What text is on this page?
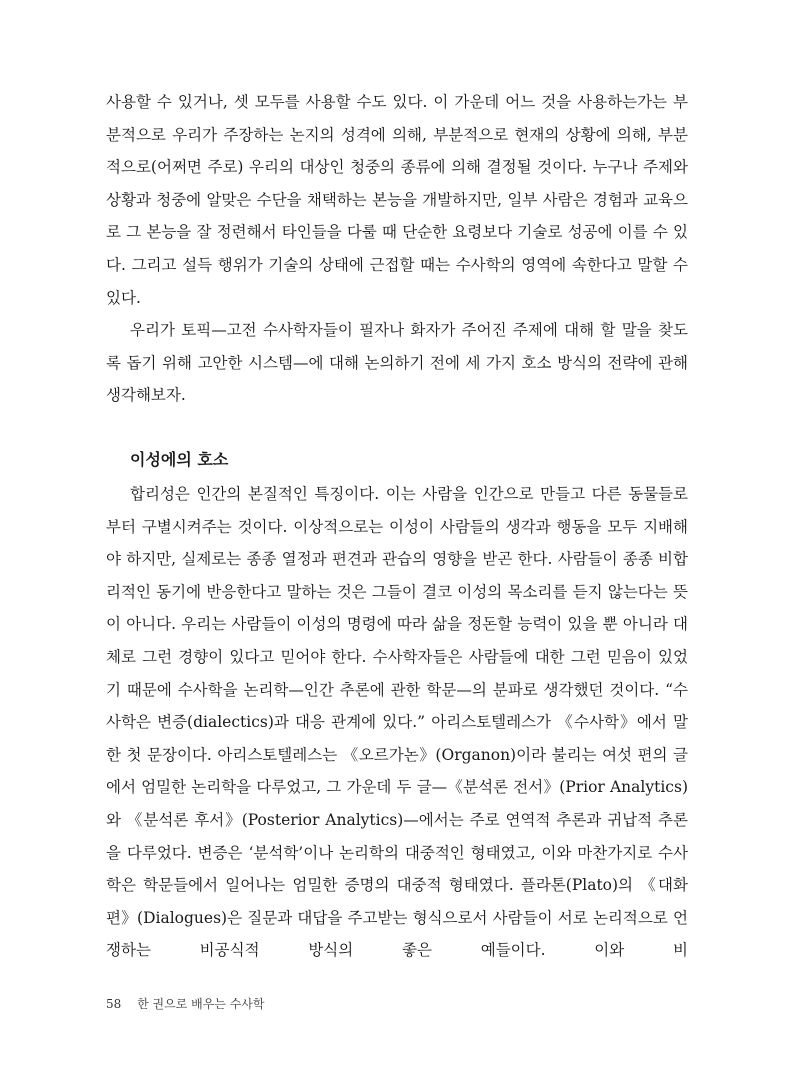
사용할 수 있거나, 셋 모두를 사용할 수도 있다. 이 가운데 어느 것을 사용하는가는 부분적으로 우리가 주장하는 논지의 성격에 의해, 부분적으로 현재의 상황에 의해, 부분적으로(어쩌면 주로) 우리의 대상인 청중의 종류에 의해 결정될 것이다. 누구나 주제와 상황과 청중에 알맞은 수단을 채택하는 본능을 개발하지만, 일부 사람은 경험과 교육으로 그 본능을 잘 정련해서 타인들을 다룰 때 단순한 요령보다 기술로 성공에 이를 수 있다. 그리고 설득 행위가 기술의 상태에 근접할 때는 수사학의 영역에 속한다고 말할 수 있다.

우리가 토픽—고전 수사학자들이 필자나 화자가 주어진 주제에 대해 할 말을 찾도록 돕기 위해 고안한 시스템—에 대해 논의하기 전에 세 가지 호소 방식의 전략에 관해 생각해보자.

이성에의 호소

합리성은 인간의 본질적인 특징이다. 이는 사람을 인간으로 만들고 다른 동물들로부터 구별시켜주는 것이다. 이상적으로는 이성이 사람들의 생각과 행동을 모두 지배해야 하지만, 실제로는 종종 열정과 편견과 관습의 영향을 받곤 한다. 사람들이 종종 비합리적인 동기에 반응한다고 말하는 것은 그들이 결코 이성의 목소리를 듣지 않는다는 뜻이 아니다. 우리는 사람들이 이성의 명령에 따라 삶을 정돈할 능력이 있을 뿐 아니라 대체로 그런 경향이 있다고 믿어야 한다. 수사학자들은 사람들에 대한 그런 믿음이 있었기 때문에 수사학을 논리학—인간 추론에 관한 학문—의 분파로 생각했던 것이다. “수사학은 변증(dialectics)과 대응 관계에 있다.” 아리스토텔레스가 《수사학》에서 말한 첫 문장이다. 아리스토텔레스는 《오르가논》(Organon)이라 불리는 여섯 편의 글에서 엄밀한 논리학을 다루었고, 그 가운데 두 글—《분석론 전서》(Prior Analytics)와 《분석론 후서》(Posterior Analytics)—에서는 주로 연역적 추론과 귀납적 추론을 다루었다. 변증은 ‘분석학’이나 논리학의 대중적인 형태였고, 이와 마찬가지로 수사학은 학문들에서 일어나는 엄밀한 증명의 대중적 형태였다. 플라톤(Plato)의 《대화편》(Dialogues)은 질문과 대답을 주고받는 형식으로서 사람들이 서로 논리적으로 언쟁하는 비공식적 방식의 좋은 예들이다. 이와 비

58 한 권으로 배우는 수사학
